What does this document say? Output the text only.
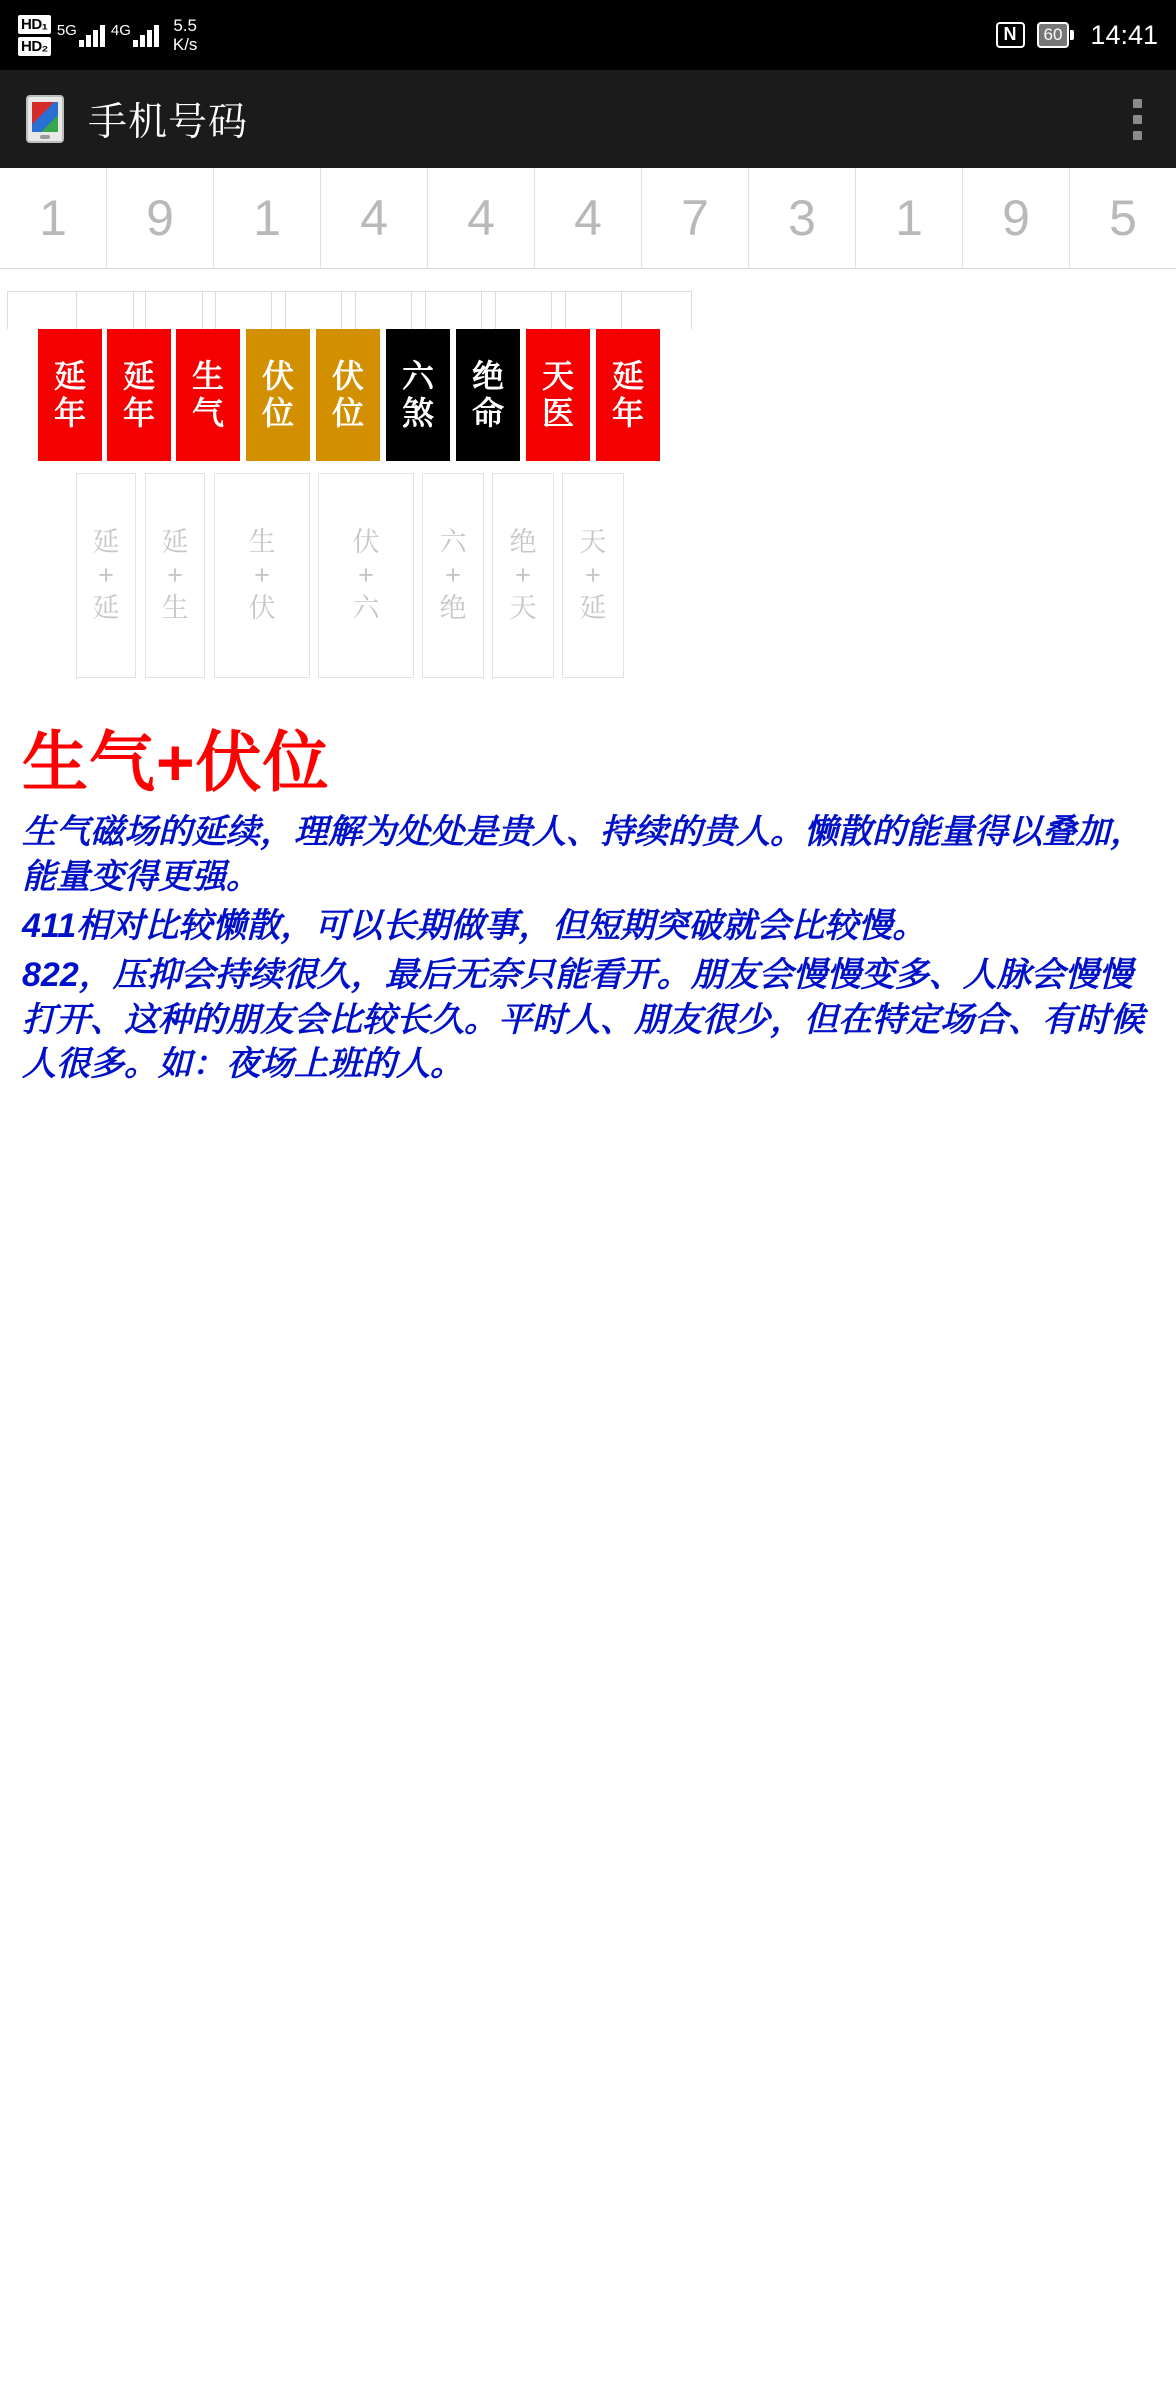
HD₁
HD₂
5G 4G 5.5
K/s
N	60 14:41
手机号码
1	9	1	4	4	4	7	3	1	9	5
延
年
延
年
生
气
伏
位
伏
位
六
煞
绝
命
天
医
延
年
延
+
延
延
+
生
生
+
伏
伏
+
六
六
+
绝
绝
+
天
天
+
延
生气+伏位

生气磁场的延续，理解为处处是贵人、持续的贵人。懒散的能量得以叠加，能量变得更强。

411相对比较懒散，可以长期做事，但短期突破就会比较慢。

822，压抑会持续很久，最后无奈只能看开。朋友会慢慢变多、人脉会慢慢打开、这种的朋友会比较长久。平时人、朋友很少，但在特定场合、有时候人很多。如：夜场上班的人。
